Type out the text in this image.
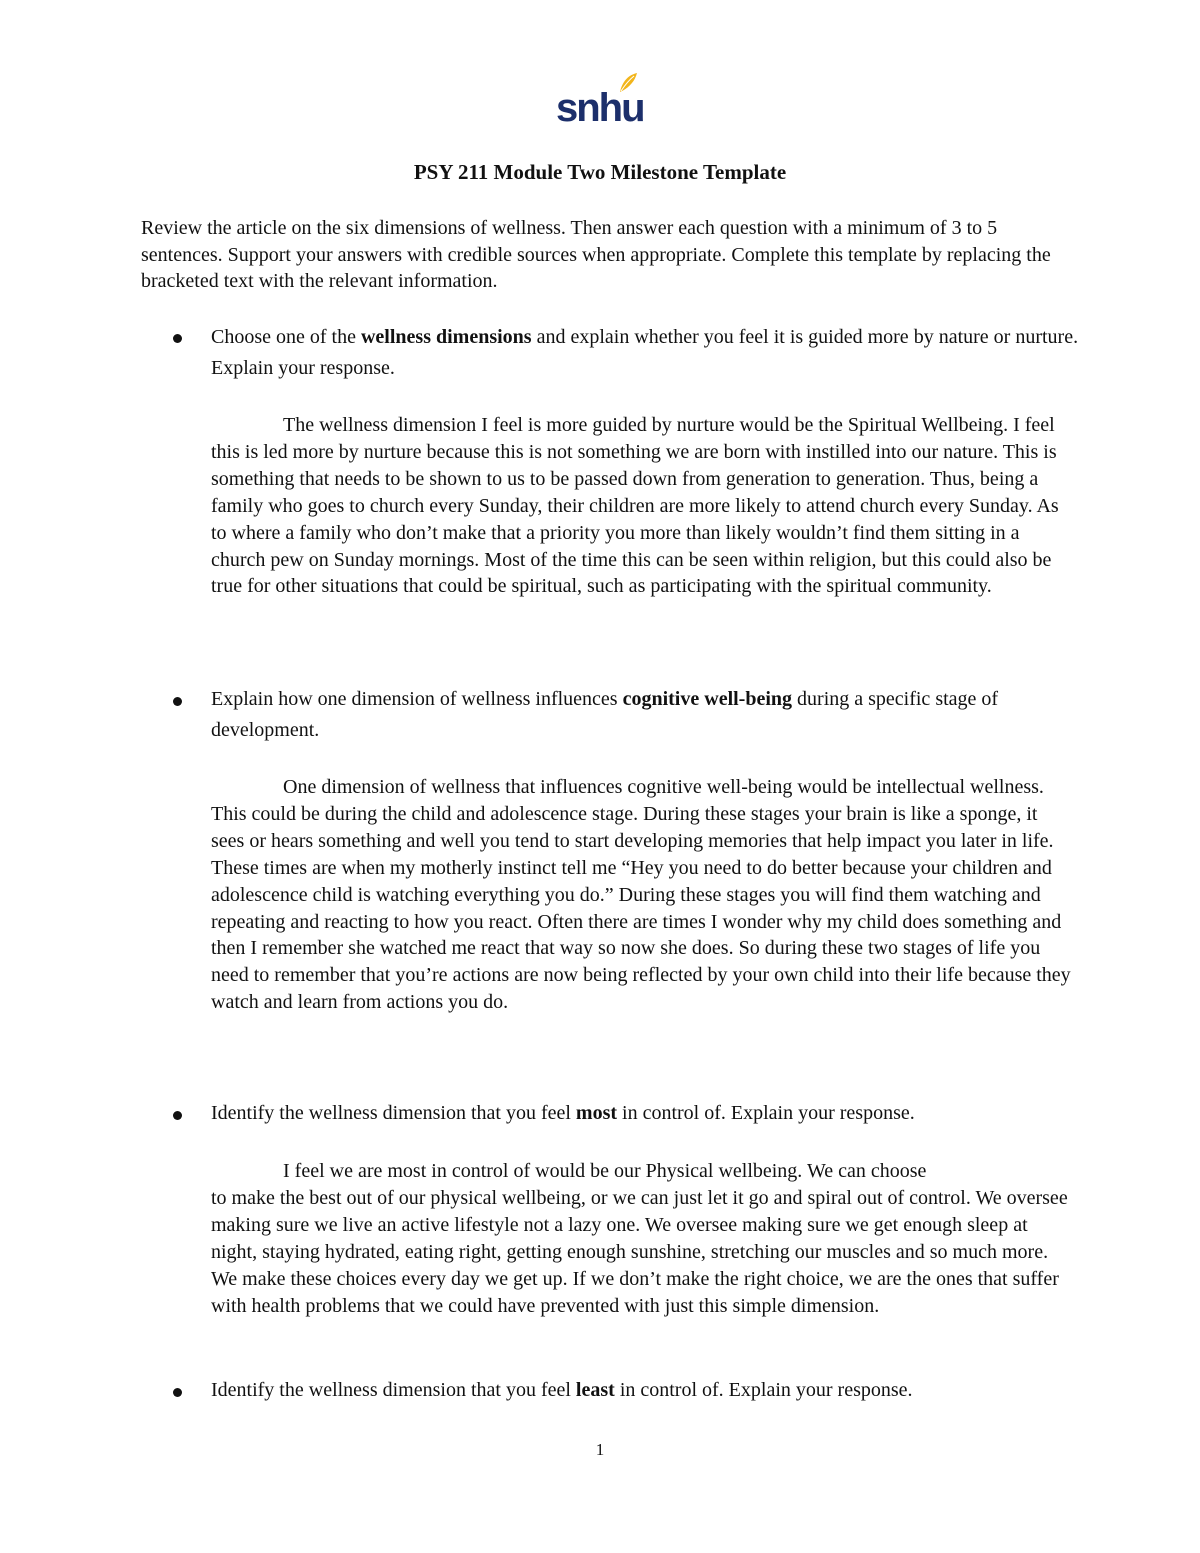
snhu
PSY 211 Module Two Milestone Template
Review the article on the six dimensions of wellness. Then answer each question with a minimum of 3 to 5 sentences. Support your answers with credible sources when appropriate. Complete this template by replacing the bracketed text with the relevant information.
Choose one of the wellness dimensions and explain whether you feel it is guided more by nature or nurture. Explain your response.
The wellness dimension I feel is more guided by nurture would be the Spiritual Wellbeing. I feel this is led more by nurture because this is not something we are born with instilled into our nature. This is something that needs to be shown to us to be passed down from generation to generation. Thus, being a family who goes to church every Sunday, their children are more likely to attend church every Sunday. As to where a family who don’t make that a priority you more than likely wouldn’t find them sitting in a church pew on Sunday mornings. Most of the time this can be seen within religion, but this could also be true for other situations that could be spiritual, such as participating with the spiritual community.
Explain how one dimension of wellness influences cognitive well-being during a specific stage of development.
One dimension of wellness that influences cognitive well-being would be intellectual wellness. This could be during the child and adolescence stage. During these stages your brain is like a sponge, it sees or hears something and well you tend to start developing memories that help impact you later in life. These times are when my motherly instinct tell me “Hey you need to do better because your children and adolescence child is watching everything you do.” During these stages you will find them watching and repeating and reacting to how you react. Often there are times I wonder why my child does something and then I remember she watched me react that way so now she does. So during these two stages of life you need to remember that you’re actions are now being reflected by your own child into their life because they watch and learn from actions you do.
Identify the wellness dimension that you feel most in control of. Explain your response.
I feel we are most in control of would be our Physical wellbeing. We can choose
to make the best out of our physical wellbeing, or we can just let it go and spiral out of control. We oversee making sure we live an active lifestyle not a lazy one. We oversee making sure we get enough sleep at night, staying hydrated, eating right, getting enough sunshine, stretching our muscles and so much more. We make these choices every day we get up. If we don’t make the right choice, we are the ones that suffer with health problems that we could have prevented with just this simple dimension.
Identify the wellness dimension that you feel least in control of. Explain your response.
1
